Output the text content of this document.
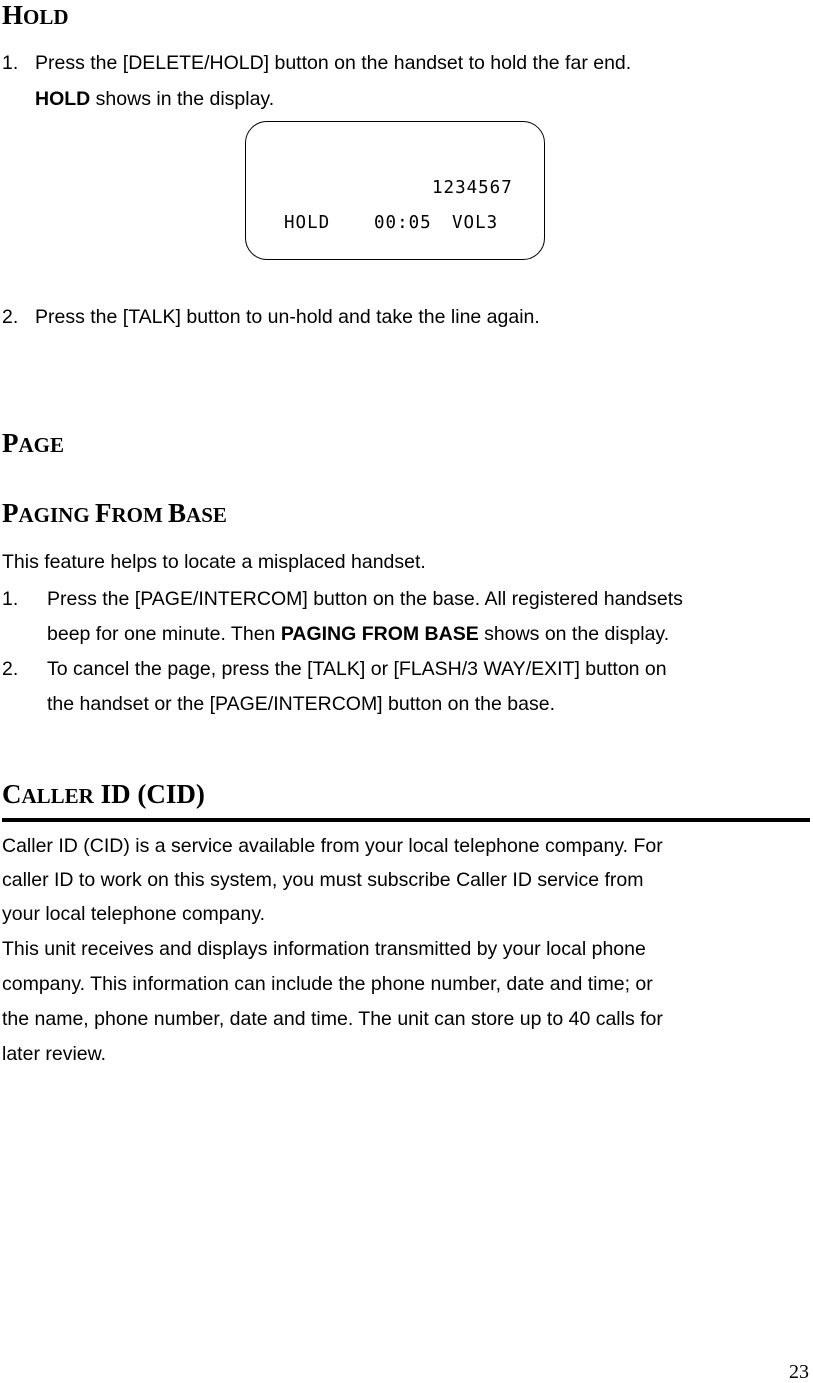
HOLD
1. Press the [DELETE/HOLD] button on the handset to hold the far end.

HOLD shows in the display.

1234567
HOLD	00:05 VOL3
2. Press the [TALK] button to un-hold and take the line again.

PAGE
PAGING FROM BASE

This feature helps to locate a misplaced handset.

1. Press the [PAGE/INTERCOM] button on the base. All registered handsets

beep for one minute. Then PAGING FROM BASE shows on the display.

2. To cancel the page, press the [TALK] or [FLASH/3 WAY/EXIT] button on

the handset or the [PAGE/INTERCOM] button on the base.

CALLER ID (CID)

Caller ID (CID) is a service available from your local telephone company. For

caller ID to work on this system, you must subscribe Caller ID service from

your local telephone company.

This unit receives and displays information transmitted by your local phone

company. This information can include the phone number, date and time; or

the name, phone number, date and time. The unit can store up to 40 calls for

later review.

23
